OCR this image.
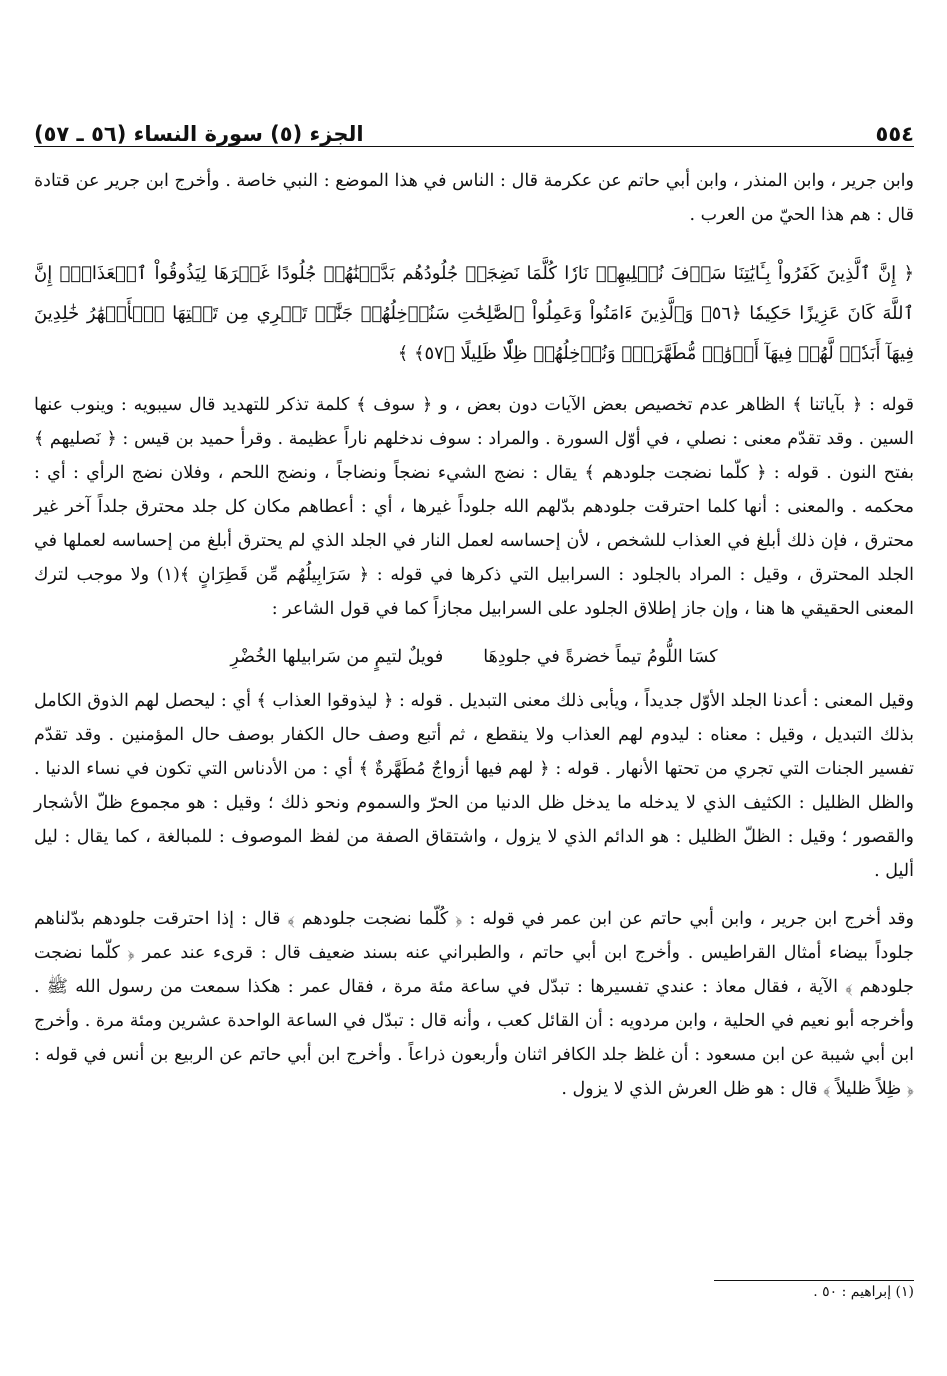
٥٥٤
الجزء (٥) سورة النساء (٥٦ ـ ٥٧)

وابن جرير ، وابن المنذر ، وابن أبي حاتم عن عكرمة قال : الناس في هذا الموضع : النبي خاصة . وأخرج ابن جرير عن قتادة قال : هم هذا الحيّ من العرب .

﴿ إِنَّ ٱلَّذِينَ كَفَرُواْ بِـَٔايَٰتِنَا سَوۡفَ نُصۡلِيهِمۡ نَارٗا كُلَّمَا نَضِجَتۡ جُلُودُهُم بَدَّلۡنَٰهُمۡ جُلُودًا غَيۡرَهَا لِيَذُوقُواْ ٱلۡعَذَابَۗ إِنَّ ٱللَّهَ كَانَ عَزِيزًا حَكِيمٗا ﴿٥٦﴾ وَٱلَّذِينَ ءَامَنُواْ وَعَمِلُواْ ٱلصَّٰلِحَٰتِ سَنُدۡخِلُهُمۡ جَنَّٰتٖ تَجۡرِي مِن تَحۡتِهَا ٱلۡأَنۡهَٰرُ خَٰلِدِينَ فِيهَآ أَبَدٗاۖ لَّهُمۡ فِيهَآ أَزۡوَٰجٞ مُّطَهَّرَةٞۖ وَنُدۡخِلُهُمۡ ظِلّٗا ظَلِيلًا ﴿٥٧﴾ ﴾

قوله : ﴿ بآياتنا ﴾ الظاهر عدم تخصيص بعض الآيات دون بعض ، و ﴿ سوف ﴾ كلمة تذكر للتهديد قال سيبويه : وينوب عنها السين . وقد تقدّم معنى : نصلي ، في أوّل السورة . والمراد : سوف ندخلهم ناراً عظيمة . وقرأ حميد بن قيس : ﴿ نَصليهم ﴾ بفتح النون . قوله : ﴿ كلّما نضجت جلودهم ﴾ يقال : نضج الشيء نضجاً ونضاجاً ، ونضج اللحم ، وفلان نضج الرأي : أي : محكمه . والمعنى : أنها كلما احترقت جلودهم بدّلهم الله جلوداً غيرها ، أي : أعطاهم مكان كل جلد محترق جلداً آخر غير محترق ، فإن ذلك أبلغ في العذاب للشخص ، لأن إحساسه لعمل النار في الجلد الذي لم يحترق أبلغ من إحساسه لعملها في الجلد المحترق ، وقيل : المراد بالجلود : السرابيل التي ذكرها في قوله : ﴿ سَرَابِيلُهُم مِّن قَطِرَانٍ ﴾(١) ولا موجب لترك المعنى الحقيقي ها هنا ، وإن جاز إطلاق الجلود على السرابيل مجازاً كما في قول الشاعر :

كسَا اللُّومُ تيماً خضرةً في جلودِهَا
فويلٌ لتيمٍ من سَرابيلها الخُضْرِ

وقيل المعنى : أعدنا الجلد الأوّل جديداً ، ويأبى ذلك معنى التبديل . قوله : ﴿ ليذوقوا العذاب ﴾ أي : ليحصل لهم الذوق الكامل بذلك التبديل ، وقيل : معناه : ليدوم لهم العذاب ولا ينقطع ، ثم أتبع وصف حال الكفار بوصف حال المؤمنين . وقد تقدّم تفسير الجنات التي تجري من تحتها الأنهار . قوله : ﴿ لهم فيها أزواجٌ مُطَهَّرةٌ ﴾ أي : من الأدناس التي تكون في نساء الدنيا . والظل الظليل : الكثيف الذي لا يدخله ما يدخل ظل الدنيا من الحرّ والسموم ونحو ذلك ؛ وقيل : هو مجموع ظلّ الأشجار والقصور ؛ وقيل : الظلّ الظليل : هو الدائم الذي لا يزول ، واشتقاق الصفة من لفظ الموصوف : للمبالغة ، كما يقال : ليل أليل .

وقد أخرج ابن جرير ، وابن أبي حاتم عن ابن عمر في قوله : ﴿ كُلّما نضجت جلودهم ﴾ قال : إذا احترقت جلودهم بدّلناهم جلوداً بيضاء أمثال القراطيس . وأخرج ابن أبي حاتم ، والطبراني عنه بسند ضعيف قال : قرىء عند عمر ﴿ كلّما نضجت جلودهم ﴾ الآية ، فقال معاذ : عندي تفسيرها : تبدّل في ساعة مئة مرة ، فقال عمر : هكذا سمعت من رسول الله ﷺ . وأخرجه أبو نعيم في الحلية ، وابن مردويه : أن القائل كعب ، وأنه قال : تبدّل في الساعة الواحدة عشرين ومئة مرة . وأخرج ابن أبي شيبة عن ابن مسعود : أن غلظ جلد الكافر اثنان وأربعون ذراعاً . وأخرج ابن أبي حاتم عن الربيع بن أنس في قوله : ﴿ ظِلاً ظليلاً ﴾ قال : هو ظل العرش الذي لا يزول .

(١) إبراهيم : ٥٠ .
